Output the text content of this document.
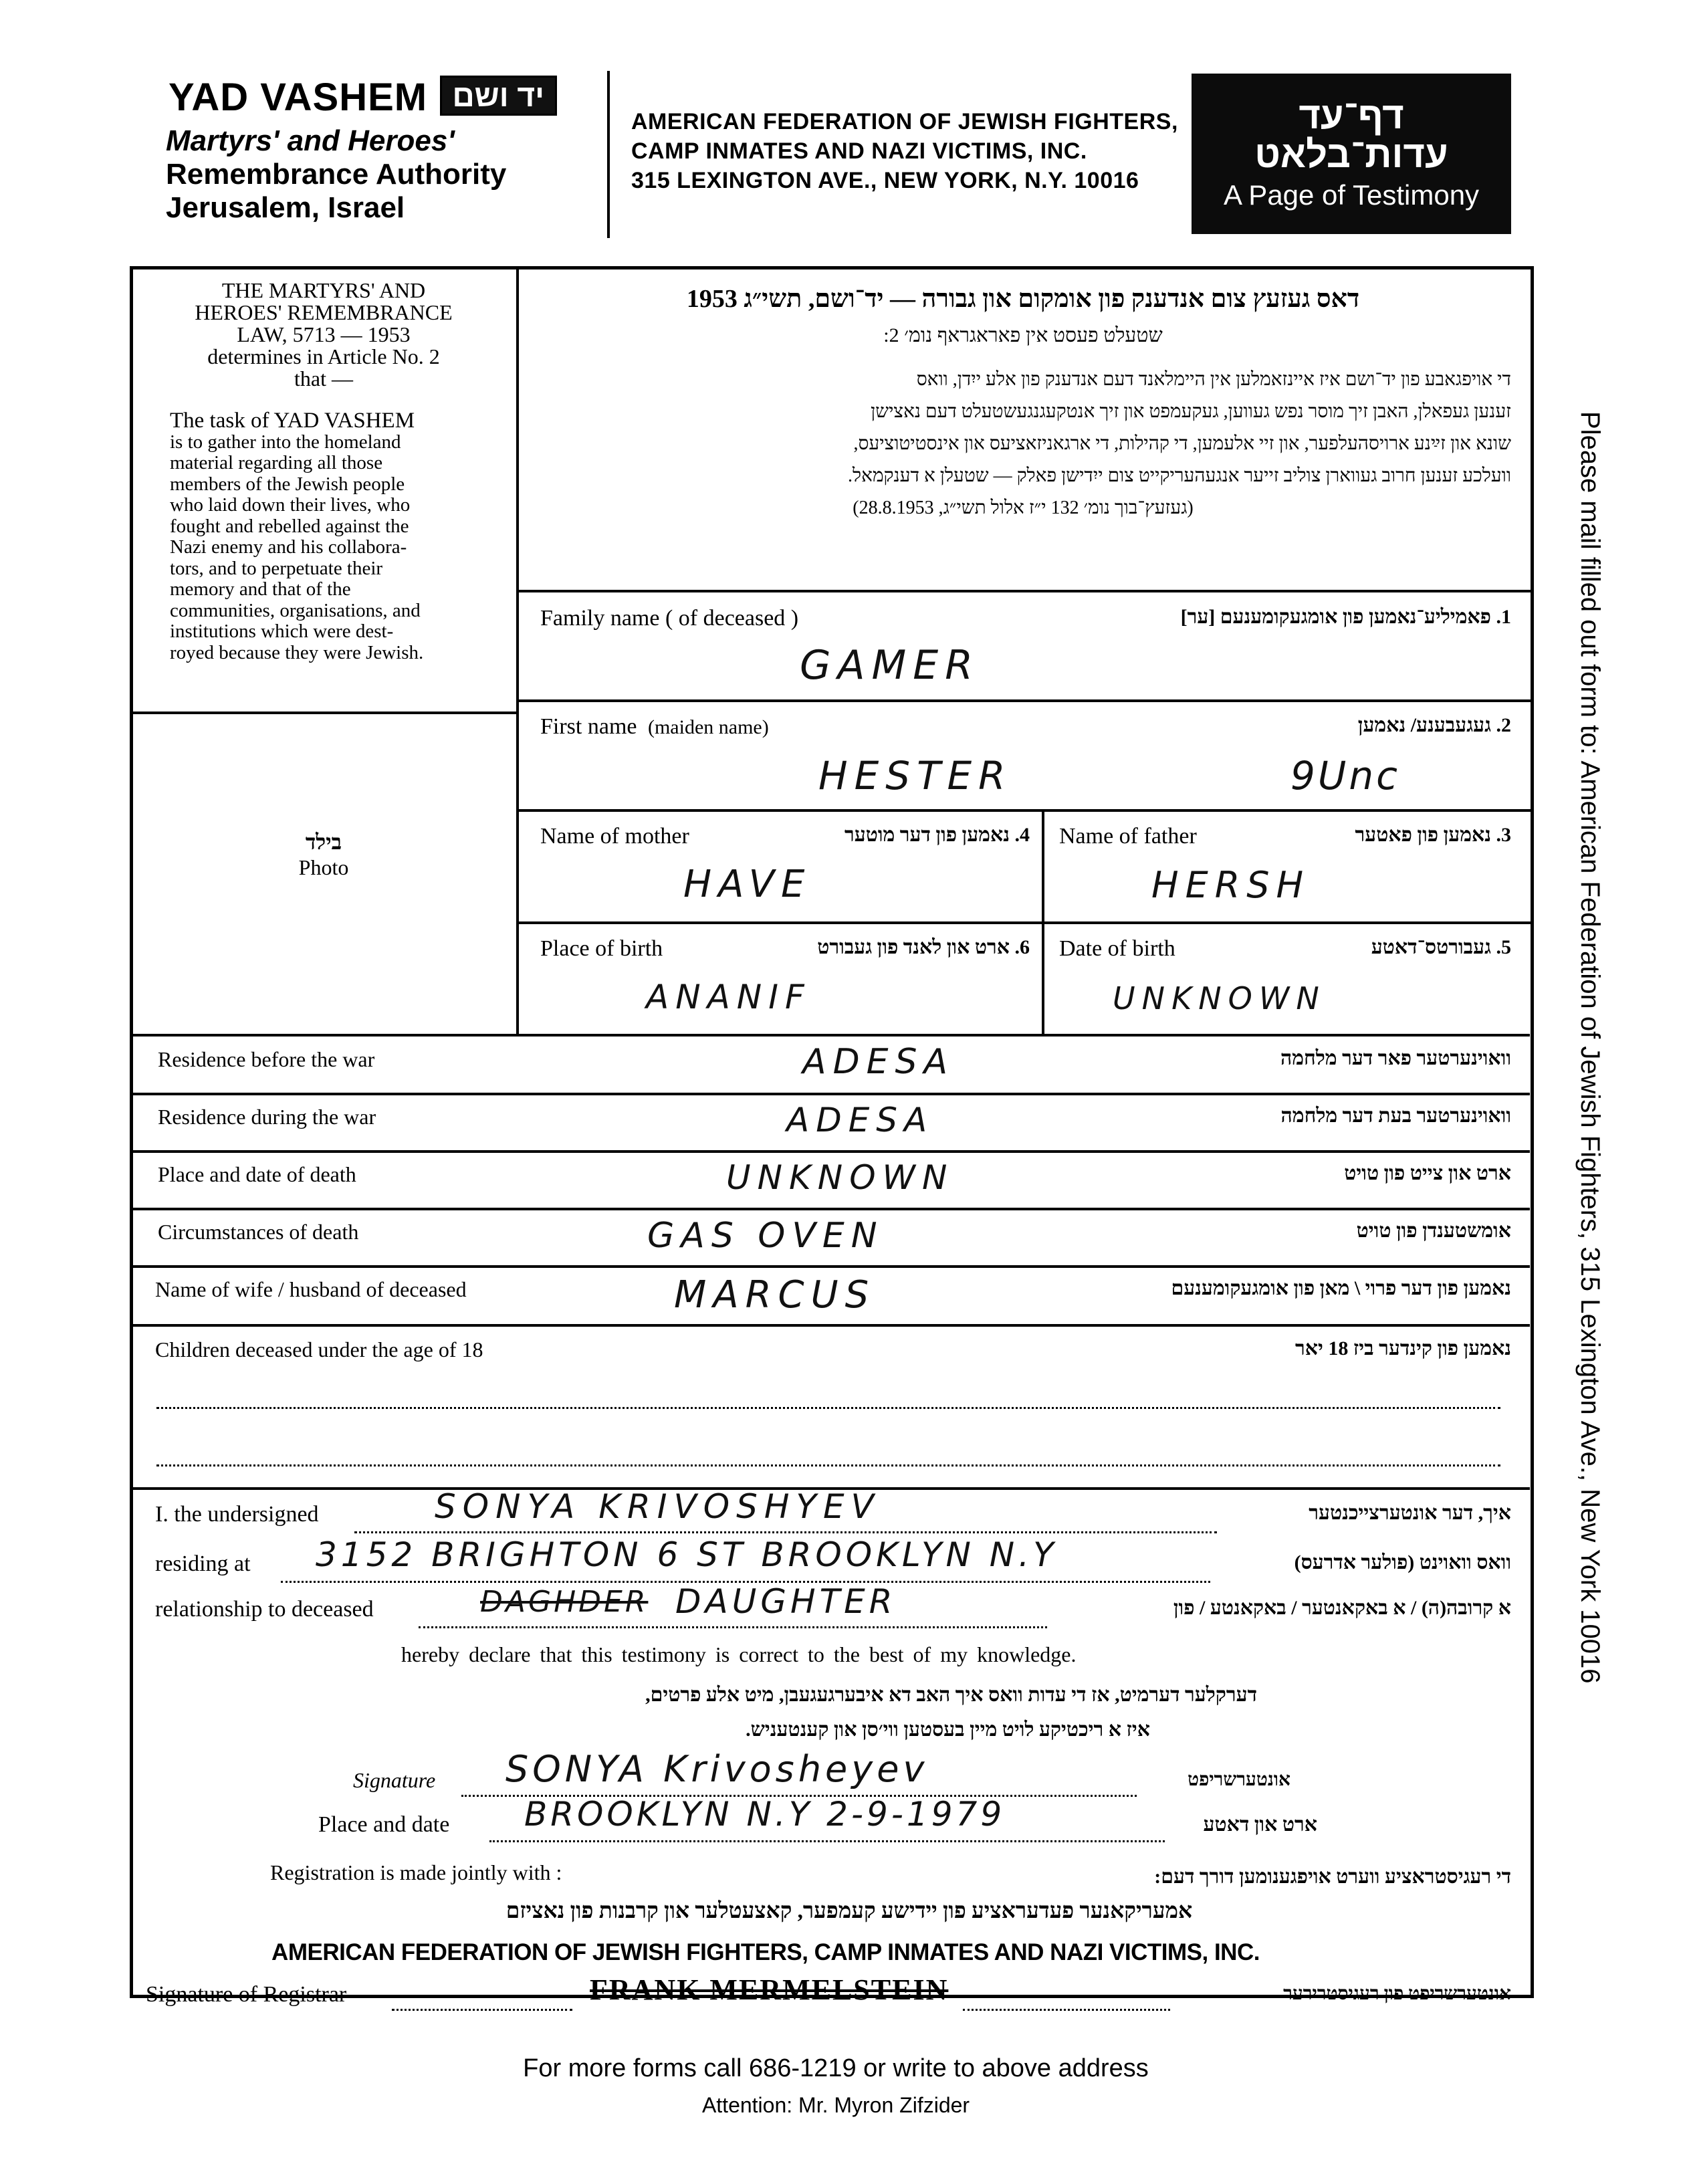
YAD VASHEM יד ושם
Martyrs' and Heroes'
Remembrance Authority
Jerusalem, Israel
AMERICAN FEDERATION OF JEWISH FIGHTERS,
CAMP INMATES AND NAZI VICTIMS, INC.
315 LEXINGTON AVE., NEW YORK, N.Y. 10016
דף־עד
עדות־בלאט
A Page of Testimony
Please mail filled out form to: American Federation of Jewish Fighters, 315 Lexington Ave., New York 10016
THE MARTYRS' AND
HEROES' REMEMBRANCE
LAW, 5713 — 1953
determines in Article No. 2
that —
The task of YAD VASHEM
is to gather into the homeland
material regarding all those
members of the Jewish people
who laid down their lives, who
fought and rebelled against the
Nazi enemy and his collabora-
tors, and to perpetuate their
memory and that of the
communities, organisations, and
institutions which were dest-
royed because they were Jewish.
בילד
Photo
דאס געזעץ צום אנדענק פון אומקום און גבורה — יד־ושם, תשי״ג 1953
שטעלט פעסט אין פאראגראף נומ׳ 2:
די אויפגאבע פון יד־ושם איז איינזאמלען אין היימלאנד דעם אנדענק פון אלע ייִדן, וואס
זענען געפאלן, האבן זיך מוסר נפש געווען, געקעמפט און זיך אנטקעגנגעשטעלט דעם נאצישן
שונא און זײַנע ארויסהעלפער, און זיי אלעמען, די קהילות, די ארגאניזאציעס און אינסטיטוציעס,
וועלכע זענען חרוב געווארן צוליב זייער אנגעהעריקייט צום ייִדישן פאלק — שטעלן א דענקמאל.
(געזעץ־בוך נומ׳ 132 י״ז אלול תשי״ג, 28.8.1953)
Family name ( of deceased )	1. פאמיליע־נאמען פון אומגעקומענעם [ער]
GAMER
First name (maiden name)	2. געגעבענע/ נאמען
HESTER	9Unc
Name of mother	4. נאמען פון דער מוטער
HAVE
Name of father	3. נאמען פון פאטער
HERSH
Place of birth	6. ארט און לאנד פון געבורט
ANANIF
Date of birth	5. געבורטס־דאטע
UNKNOWN
Residence before the war	וואוינערטער פאר דער מלחמה
ADESA
Residence during the war	וואוינערטער בעת דער מלחמה
ADESA
Place and date of death	ארט און צייט פון טויט
UNKNOWN
Circumstances of death	אומשטענדן פון טויט
GAS OVEN
Name of wife / husband of deceased	נאמען פון דער פרוי \ מאן פון אומגעקומענעם
MARCUS
Children deceased under the age of 18	נאמען פון קינדער ביז 18 יאר
I. the undersigned	SONYA KRIVOSHYEV	איך, דער אונטערצייכנטער
residing at 3152 BRIGHTON 6 ST BROOKLYN N.Y	וואס וואוינט (פולער אדרעס)
relationship to deceased	DAGHDER DAUGHTER	א קרובה(ה) / א באקאנטער / באקאנטע / פון
hereby declare that this testimony is correct to the best of my knowledge.
דערקלער דערמיט, אז די עדות וואס איך האב דא איבערגעגעבן, מיט אלע פרטים,
איז א ריכטיקע לויט מיין בעסטען ווי׳סן און קענטעניש.
Signature SONYA Krivosheyev	אונטערשריפט
Place and date BROOKLYN N.Y 2-9-1979	ארט און דאטע
Registration is made jointly with :	די רעגיסטראציע ווערט אויפגענומען דורך דעם:
אמעריקאנער פעדעראציע פון יידישע קעמפער, קאצעטלער און קרבנות פון נאציזם
AMERICAN FEDERATION OF JEWISH FIGHTERS, CAMP INMATES AND NAZI VICTIMS, INC.
Signature of Registrar	FRANK MERMELSTEIN	אונטערשריפט פון רעגיסטרירער
For more forms call 686-1219 or write to above address
Attention: Mr. Myron Zifzider
